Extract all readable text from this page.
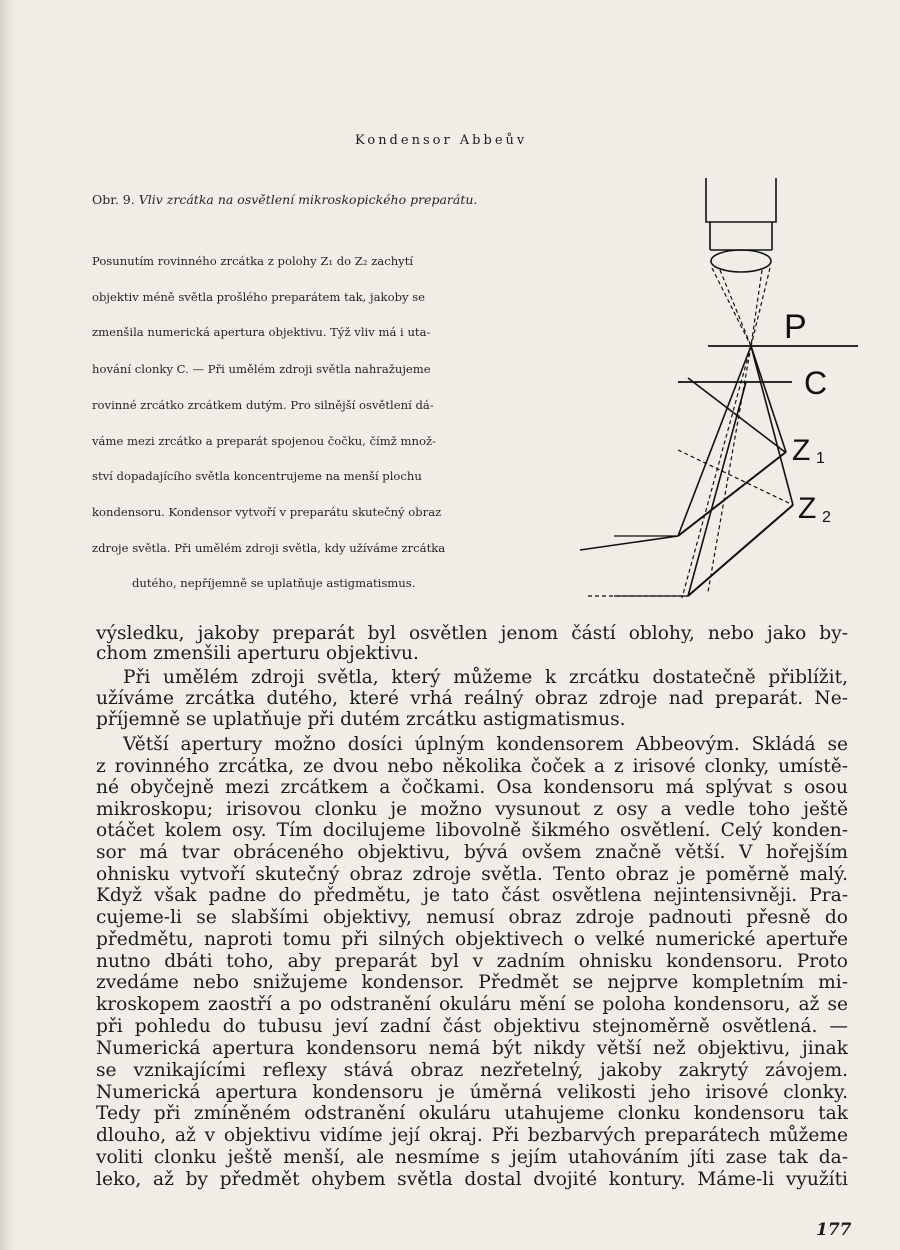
Kondensor Abbeův
Obr. 9. Vliv zrcátka na osvětlení mikroskopického preparátu.
Posunutím rovinného zrcátka z polohy Z₁ do Z₂ zachytí
objektiv méně světla prošlého preparátem tak, jakoby se
zmenšila numerická apertura objektivu. Týž vliv má i uta-
hování clonky C. — Při umělém zdroji světla nahražujeme
rovinné zrcátko zrcátkem dutým. Pro silnější osvětlení dá-
váme mezi zrcátko a preparát spojenou čočku, čímž množ-
ství dopadajícího světla koncentrujeme na menší plochu
kondensoru. Kondensor vytvoří v preparátu skutečný obraz
zdroje světla. Při umělém zdroji světla, kdy užíváme zrcátka
dutého, nepříjemně se uplatňuje astigmatismus.
P
C
Z 1
Z 2
výsledku, jakoby preparát byl osvětlen jenom částí oblohy, nebo jako by-
chom zmenšili aperturu objektivu.
Při umělém zdroji světla, který můžeme k zrcátku dostatečně přiblížit,
užíváme zrcátka dutého, které vrhá reálný obraz zdroje nad preparát. Ne-
příjemně se uplatňuje při dutém zrcátku astigmatismus.
Větší apertury možno dosíci úplným kondensorem Abbeovým. Skládá se
z rovinného zrcátka, ze dvou nebo několika čoček a z irisové clonky, umístě-
né obyčejně mezi zrcátkem a čočkami. Osa kondensoru má splývat s osou
mikroskopu; irisovou clonku je možno vysunout z osy a vedle toho ještě
otáčet kolem osy. Tím docilujeme libovolně šikmého osvětlení. Celý konden-
sor má tvar obráceného objektivu, bývá ovšem značně větší. V hořejším
ohnisku vytvoří skutečný obraz zdroje světla. Tento obraz je poměrně malý.
Když však padne do předmětu, je tato část osvětlena nejintensivněji. Pra-
cujeme-li se slabšími objektivy, nemusí obraz zdroje padnouti přesně do
předmětu, naproti tomu při silných objektivech o velké numerické apertuře
nutno dbáti toho, aby preparát byl v zadním ohnisku kondensoru. Proto
zvedáme nebo snižujeme kondensor. Předmět se nejprve kompletním mi-
kroskopem zaostří a po odstranění okuláru mění se poloha kondensoru, až se
při pohledu do tubusu jeví zadní část objektivu stejnoměrně osvětlená. —
Numerická apertura kondensoru nemá být nikdy větší než objektivu, jinak
se vznikajícími reflexy stává obraz nezřetelný, jakoby zakrytý závojem.
Numerická apertura kondensoru je úměrná velikosti jeho irisové clonky.
Tedy při zmíněném odstranění okuláru utahujeme clonku kondensoru tak
dlouho, až v objektivu vidíme její okraj. Při bezbarvých preparátech můžeme
voliti clonku ještě menší, ale nesmíme s jejím utahováním jíti zase tak da-
leko, až by předmět ohybem světla dostal dvojité kontury. Máme-li využíti
177
